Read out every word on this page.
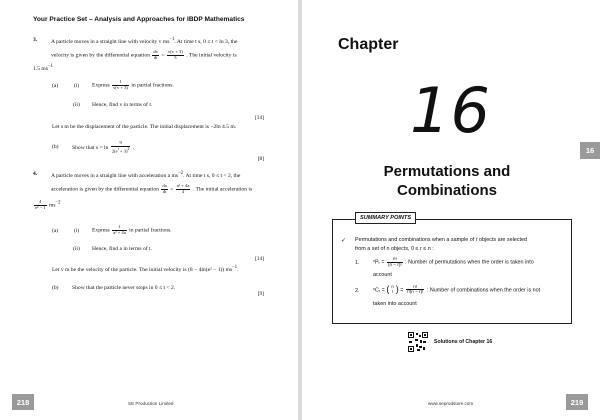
Your Practice Set – Analysis and Approaches for IBDP Mathematics
3. A particle moves in a straight line with velocity v $ms^{-1}$. At time t s, 0 ≤ t < ln 3, the
velocity is given by the differential equation $\frac{dv}{dt} = \frac{v(v + 3)}{3}$ . The initial velocity is
1.5 $ms^{-1}$
(a)	(i) Express $\frac{1}{v(v + 3)}$ in partial fractions.
(ii) Hence, find v in terms of t.
[14]
Let s m be the displacement of the particle. The initial displacement is −2ln 4.5 m.
(b) Show that $s = \ln \frac{9}{2(e^t + 3)^2}$ .
[8]
4. A particle moves in a straight line with acceleration a $ms^{-2}$. At time t s, 0 ≤ t < 2, the
acceleration is given by the differential equation $\frac{da}{dt} = \frac{\text{a³ + 4a}}{4}$ . The initial acceleration is
$\frac{4}{\text{e² − 1}} ms^{-2}$
(a)	(i) Express $\frac{1}{\text{a³ + 4a}}$ in partial fractions.
(ii) Hence, find a in terms of t.
[14]
Let v m be the velocity of the particle. The initial velocity is (8 − 4ln(e² − 1)) $ms^{-1}$.
(b) Show that the particle never stops in 0 ≤ t < 2.
[9]
218	SE Production Limited
Chapter
16
16
Permutations and
Combinations
SUMMARY POINTS
✓ Permutations and combinations when a sample of r objects are selected
from a set of n objects, 0 ≤ r ≤ n :
1.	ⁿPᵣ = $\frac{n!}{(n - r)!}$ : Number of permutations when the order is taken into
account
2.	ⁿCᵣ = ( n
r ) = $\frac{n!}{r!(n - r)!}$ : Number of combinations when the order is not
taken into account
Solutions of Chapter 16
www.seprodstore.com	219
